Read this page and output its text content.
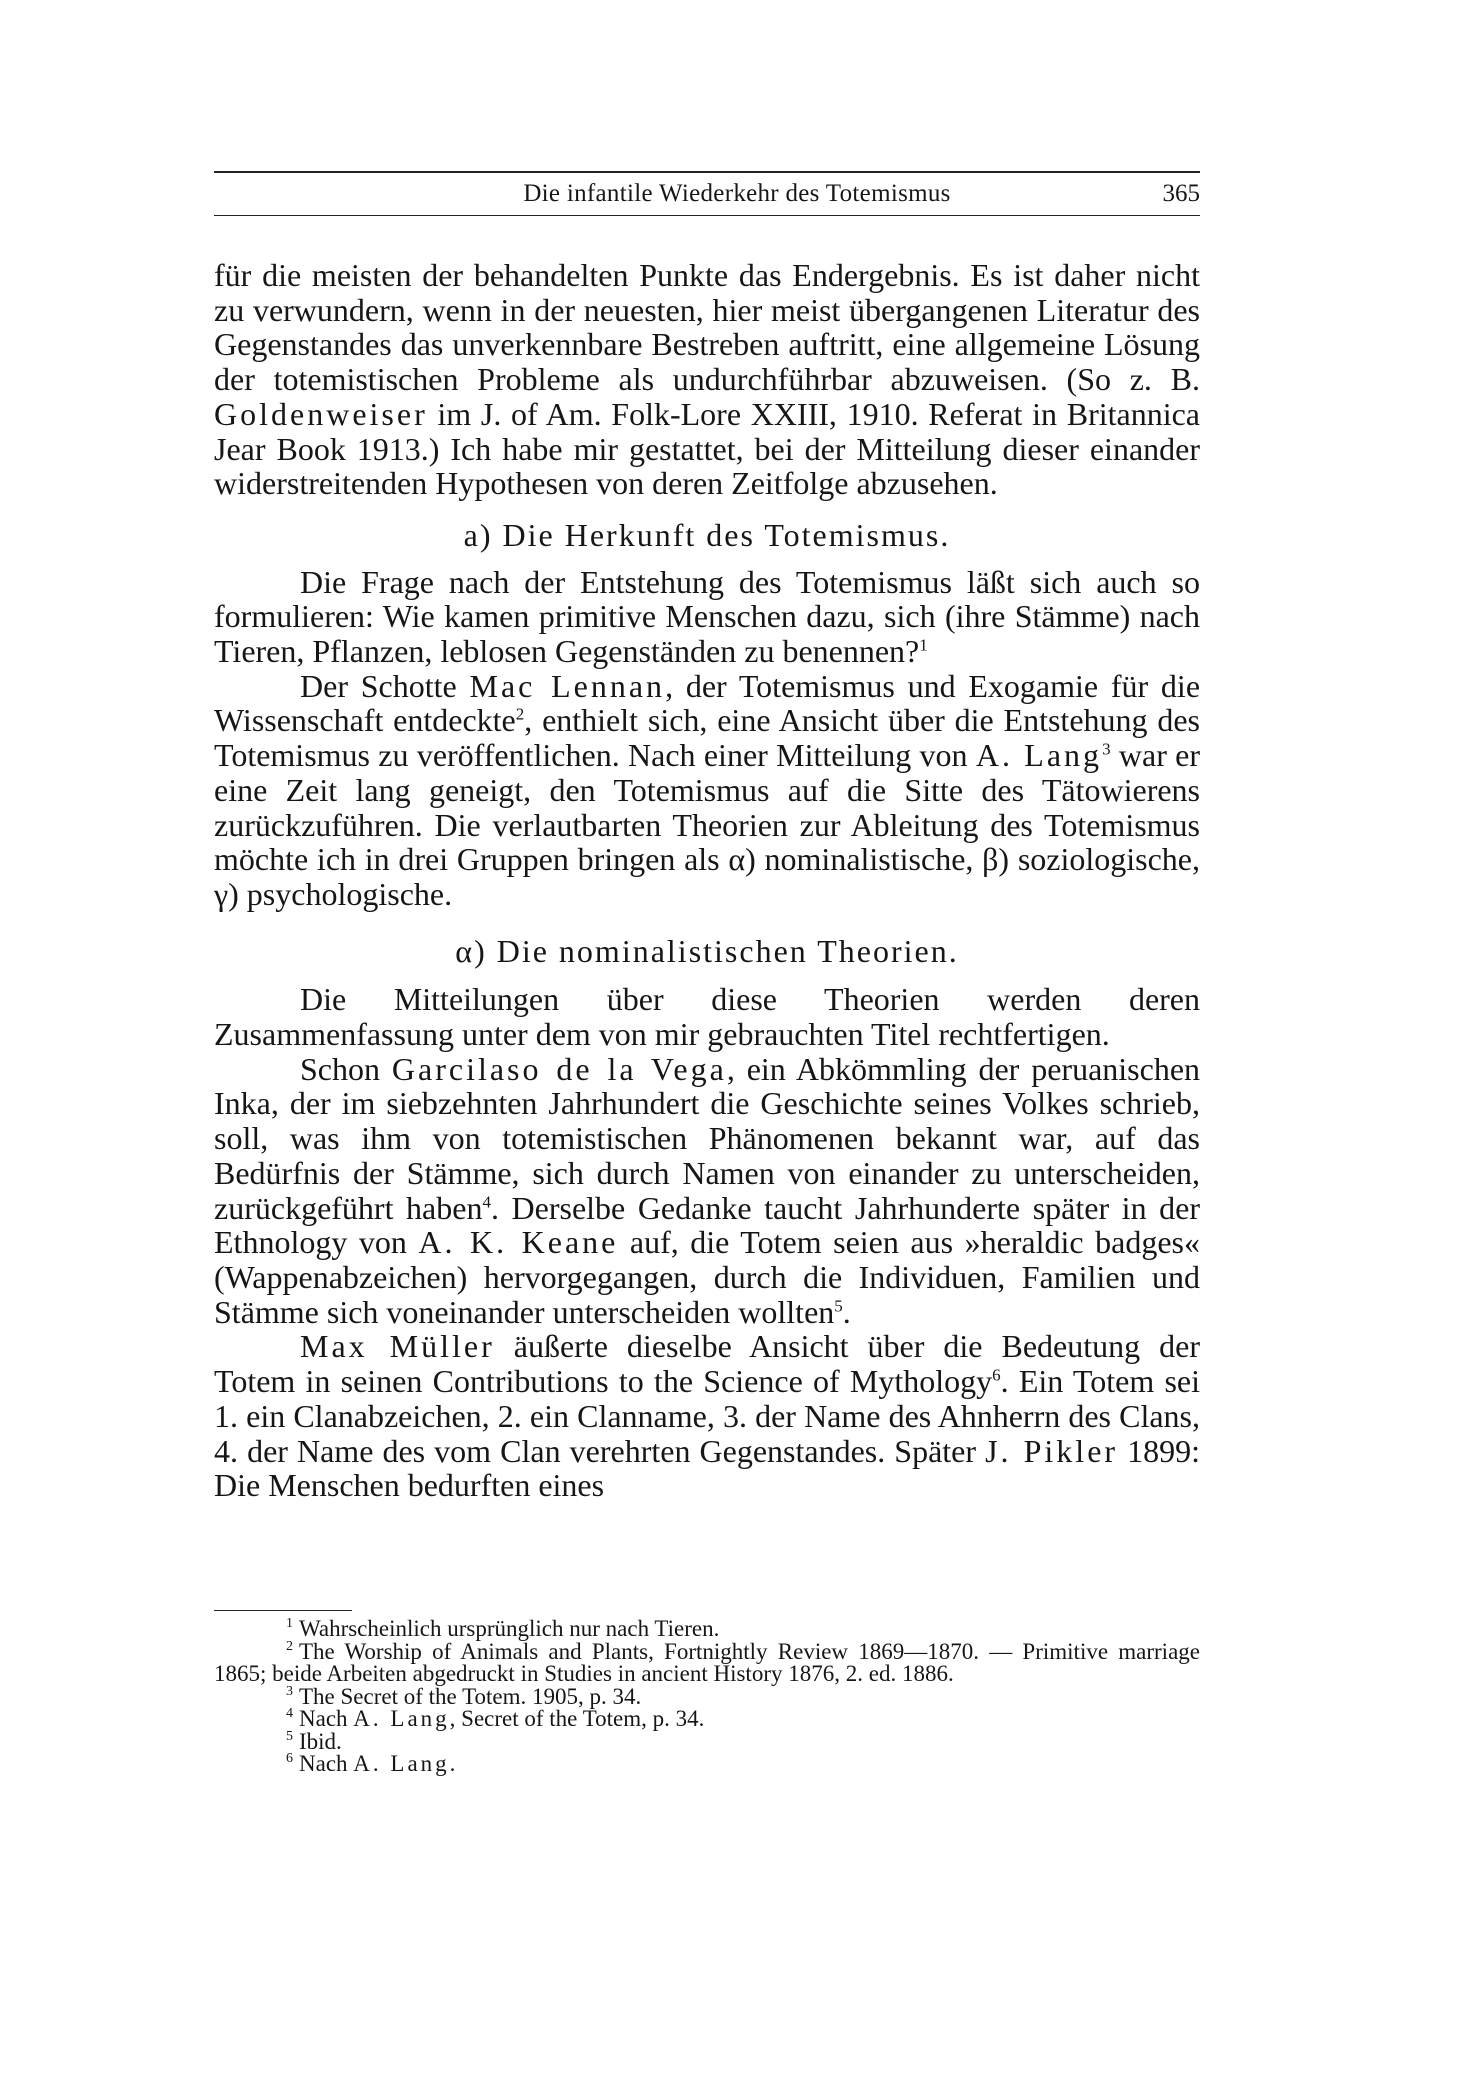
Die infantile Wiederkehr des Totemismus	365

für die meisten der behandelten Punkte das Endergebnis. Es ist daher nicht zu verwundern, wenn in der neuesten, hier meist übergangenen Literatur des Gegenstandes das unverkennbare Bestreben auftritt, eine allgemeine Lösung der totemistischen Probleme als undurchführbar abzuweisen. (So z. B. Goldenweiser im J. of Am. Folk-Lore XXIII, 1910. Referat in Britannica Jear Book 1913.) Ich habe mir gestattet, bei der Mitteilung dieser einander widerstreitenden Hypothesen von deren Zeitfolge abzusehen.

a) Die Herkunft des Totemismus.

Die Frage nach der Entstehung des Totemismus läßt sich auch so formulieren: Wie kamen primitive Menschen dazu, sich (ihre Stämme) nach Tieren, Pflanzen, leblosen Gegenständen zu benennen?$^1$

Der Schotte Mac Lennan, der Totemismus und Exogamie für die Wissenschaft entdeckte$^2$, enthielt sich, eine Ansicht über die Entstehung des Totemismus zu veröffentlichen. Nach einer Mitteilung von A. Lang$^3$ war er eine Zeit lang geneigt, den Totemismus auf die Sitte des Tätowierens zurückzuführen. Die verlautbarten Theorien zur Ableitung des Totemismus möchte ich in drei Gruppen bringen als α) nominalistische, β) soziologische, γ) psychologische.

α) Die nominalistischen Theorien.

Die Mitteilungen über diese Theorien werden deren Zusammenfassung unter dem von mir gebrauchten Titel rechtfertigen.

Schon Garcilaso de la Vega, ein Abkömmling der peruanischen Inka, der im siebzehnten Jahrhundert die Geschichte seines Volkes schrieb, soll, was ihm von totemistischen Phänomenen bekannt war, auf das Bedürfnis der Stämme, sich durch Namen von einander zu unterscheiden, zurückgeführt haben$^4$. Derselbe Gedanke taucht Jahrhunderte später in der Ethnology von A. K. Keane auf, die Totem seien aus »heraldic badges« (Wappenabzeichen) hervorgegangen, durch die Individuen, Familien und Stämme sich voneinander unterscheiden wollten$^5$.

Max Müller äußerte dieselbe Ansicht über die Bedeutung der Totem in seinen Contributions to the Science of Mythology$^6$. Ein Totem sei 1. ein Clanabzeichen, 2. ein Clanname, 3. der Name des Ahnherrn des Clans, 4. der Name des vom Clan verehrten Gegenstandes. Später J. Pikler 1899: Die Menschen bedurften eines

$^1$ Wahrscheinlich ursprünglich nur nach Tieren.

$^2$ The Worship of Animals and Plants, Fortnightly Review 1869—1870. — Primitive marriage 1865; beide Arbeiten abgedruckt in Studies in ancient History 1876, 2. ed. 1886.

$^3$ The Secret of the Totem. 1905, p. 34.

$^4$ Nach A. Lang, Secret of the Totem, p. 34.

$^5$ Ibid.

$^6$ Nach A. Lang.
